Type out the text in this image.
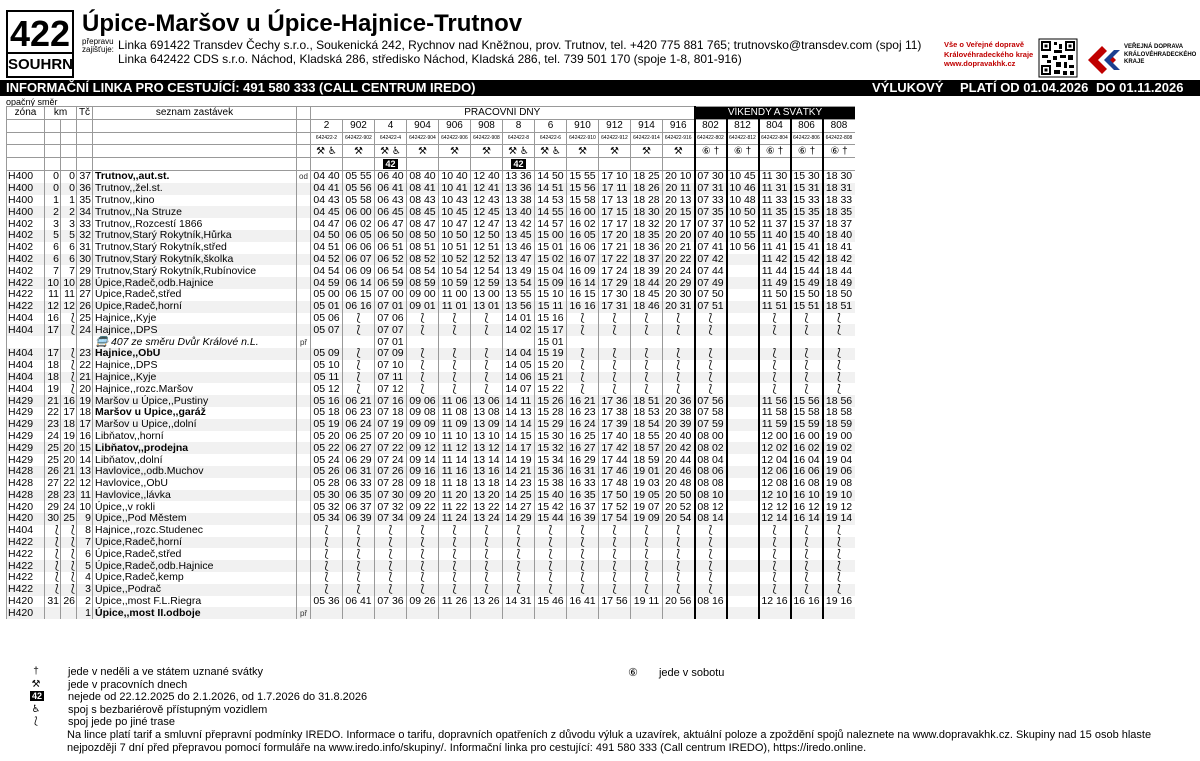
422
SOUHRN
Úpice-Maršov u Úpice-Hajnice-Trutnov
přepravu zajišťuje: Linka 691422 Transdev Čechy s.r.o., Soukenická 242, Rychnov nad Kněžnou, prov. Trutnov, tel. +420 775 881 765; trutnovsko@transdev.com (spoj 11)
Linka 642422 CDS s.r.o. Náchod, Kladská 286, středisko Náchod, Kladská 286, tel. 739 501 170 (spoje 1-8, 801-916)
Vše o Veřejné dopravě
Královéhradeckého kraje
www.dopravakhk.cz
VEŘEJNÁ DOPRAVA
KRÁLOVÉHRADECKÉHO
KRAJE
INFORMAČNÍ LINKA PRO CESTUJÍCÍ: 491 580 333 (CALL CENTRUM IREDO)	VÝLUKOVÝ PLATÍ OD 01.04.2026 DO 01.11.2026
opačný směr
zóna	km		Tč	seznam zastávek		PRACOVNÍ DNY												VÍKENDY A SVÁTKY				
						2	902	4	904	906	908	8	6	910	912	914	916	802	812	804	806	808
						642422-2	642422-902	642422-4	642422-904	642422-906	642422-908	642422-8	642422-6	642422-910	642422-912	642422-914	642422-916	642422-802	642422-812	642422-804	642422-806	642422-808
						⚒ ♿	⚒	⚒ ♿	⚒	⚒	⚒	⚒ ♿	⚒ ♿	⚒	⚒	⚒	⚒	⑥ †	⑥ †	⑥ †	⑥ †	⑥ †
								42				42										
H400	0	0	37	Trutnov,,aut.st.	od	04 40	05 55	06 40	08 40	10 40	12 40	13 36	14 50	15 55	17 10	18 25	20 10	07 30	10 45	11 30	15 30	18 30
H400	0	0	36	Trutnov,,žel.st.		04 41	05 56	06 41	08 41	10 41	12 41	13 36	14 51	15 56	17 11	18 26	20 11	07 31	10 46	11 31	15 31	18 31
H400	1	1	35	Trutnov,,kino		04 43	05 58	06 43	08 43	10 43	12 43	13 38	14 53	15 58	17 13	18 28	20 13	07 33	10 48	11 33	15 33	18 33
H400	2	2	34	Trutnov,,Na Struze		04 45	06 00	06 45	08 45	10 45	12 45	13 40	14 55	16 00	17 15	18 30	20 15	07 35	10 50	11 35	15 35	18 35
H402	3	3	33	Trutnov,,Rozcestí 1866		04 47	06 02	06 47	08 47	10 47	12 47	13 42	14 57	16 02	17 17	18 32	20 17	07 37	10 52	11 37	15 37	18 37
H402	5	5	32	Trutnov,Starý Rokytník,Hůrka		04 50	06 05	06 50	08 50	10 50	12 50	13 45	15 00	16 05	17 20	18 35	20 20	07 40	10 55	11 40	15 40	18 40
H402	6	6	31	Trutnov,Starý Rokytník,střed		04 51	06 06	06 51	08 51	10 51	12 51	13 46	15 01	16 06	17 21	18 36	20 21	07 41	10 56	11 41	15 41	18 41
H402	6	6	30	Trutnov,Starý Rokytník,školka		04 52	06 07	06 52	08 52	10 52	12 52	13 47	15 02	16 07	17 22	18 37	20 22	07 42		11 42	15 42	18 42
H402	7	7	29	Trutnov,Starý Rokytník,Rubínovice		04 54	06 09	06 54	08 54	10 54	12 54	13 49	15 04	16 09	17 24	18 39	20 24	07 44		11 44	15 44	18 44
H422	10	10	28	Úpice,Radeč,odb.Hajnice		04 59	06 14	06 59	08 59	10 59	12 59	13 54	15 09	16 14	17 29	18 44	20 29	07 49		11 49	15 49	18 49
H422	11	11	27	Úpice,Radeč,střed		05 00	06 15	07 00	09 00	11 00	13 00	13 55	15 10	16 15	17 30	18 45	20 30	07 50		11 50	15 50	18 50
H422	12	12	26	Úpice,Radeč,horní		05 01	06 16	07 01	09 01	11 01	13 01	13 56	15 11	16 16	17 31	18 46	20 31	07 51		11 51	15 51	18 51
H404	16	⟅	25	Hajnice,,Kyje		05 06	⟅	07 06	⟅	⟅	⟅	14 01	15 16	⟅	⟅	⟅	⟅	⟅		⟅	⟅	⟅
H404	17	⟅	24	Hajnice,,DPS		05 07	⟅	07 07	⟅	⟅	⟅	14 02	15 17	⟅	⟅	⟅	⟅	⟅		⟅	⟅	⟅
				🚍 407 ze směru Dvůr Králové n.L.	př			07 01					15 01									
H404	17	⟅	23	Hajnice,,ObÚ		05 09	⟅	07 09	⟅	⟅	⟅	14 04	15 19	⟅	⟅	⟅	⟅	⟅		⟅	⟅	⟅
H404	18	⟅	22	Hajnice,,DPS		05 10	⟅	07 10	⟅	⟅	⟅	14 05	15 20	⟅	⟅	⟅	⟅	⟅		⟅	⟅	⟅
H404	18	⟅	21	Hajnice,,Kyje		05 11	⟅	07 11	⟅	⟅	⟅	14 06	15 21	⟅	⟅	⟅	⟅	⟅		⟅	⟅	⟅
H404	19	⟅	20	Hajnice,,rozc.Maršov		05 12	⟅	07 12	⟅	⟅	⟅	14 07	15 22	⟅	⟅	⟅	⟅	⟅		⟅	⟅	⟅
H429	21	16	19	Maršov u Úpice,,Pustiny		05 16	06 21	07 16	09 06	11 06	13 06	14 11	15 26	16 21	17 36	18 51	20 36	07 56		11 56	15 56	18 56
H429	22	17	18	Maršov u Úpice,,garáž		05 18	06 23	07 18	09 08	11 08	13 08	14 13	15 28	16 23	17 38	18 53	20 38	07 58		11 58	15 58	18 58
H429	23	18	17	Maršov u Úpice,,dolní		05 19	06 24	07 19	09 09	11 09	13 09	14 14	15 29	16 24	17 39	18 54	20 39	07 59		11 59	15 59	18 59
H429	24	19	16	Libňatov,,horní		05 20	06 25	07 20	09 10	11 10	13 10	14 15	15 30	16 25	17 40	18 55	20 40	08 00		12 00	16 00	19 00
H429	25	20	15	Libňatov,,prodejna		05 22	06 27	07 22	09 12	11 12	13 12	14 17	15 32	16 27	17 42	18 57	20 42	08 02		12 02	16 02	19 02
H429	25	20	14	Libňatov,,dolní		05 24	06 29	07 24	09 14	11 14	13 14	14 19	15 34	16 29	17 44	18 59	20 44	08 04		12 04	16 04	19 04
H428	26	21	13	Havlovice,,odb.Muchov		05 26	06 31	07 26	09 16	11 16	13 16	14 21	15 36	16 31	17 46	19 01	20 46	08 06		12 06	16 06	19 06
H428	27	22	12	Havlovice,,ObÚ		05 28	06 33	07 28	09 18	11 18	13 18	14 23	15 38	16 33	17 48	19 03	20 48	08 08		12 08	16 08	19 08
H428	28	23	11	Havlovice,,lávka		05 30	06 35	07 30	09 20	11 20	13 20	14 25	15 40	16 35	17 50	19 05	20 50	08 10		12 10	16 10	19 10
H420	29	24	10	Úpice,,v rokli		05 32	06 37	07 32	09 22	11 22	13 22	14 27	15 42	16 37	17 52	19 07	20 52	08 12		12 12	16 12	19 12
H420	30	25	9	Úpice,,Pod Městem		05 34	06 39	07 34	09 24	11 24	13 24	14 29	15 44	16 39	17 54	19 09	20 54	08 14		12 14	16 14	19 14
H404	⟅	⟅	8	Hajnice,,rozc.Studenec		⟅	⟅	⟅	⟅	⟅	⟅	⟅	⟅	⟅	⟅	⟅	⟅	⟅		⟅	⟅	⟅
H422	⟅	⟅	7	Úpice,Radeč,horní		⟅	⟅	⟅	⟅	⟅	⟅	⟅	⟅	⟅	⟅	⟅	⟅	⟅		⟅	⟅	⟅
H422	⟅	⟅	6	Úpice,Radeč,střed		⟅	⟅	⟅	⟅	⟅	⟅	⟅	⟅	⟅	⟅	⟅	⟅	⟅		⟅	⟅	⟅
H422	⟅	⟅	5	Úpice,Radeč,odb.Hajnice		⟅	⟅	⟅	⟅	⟅	⟅	⟅	⟅	⟅	⟅	⟅	⟅	⟅		⟅	⟅	⟅
H422	⟅	⟅	4	Úpice,Radeč,kemp		⟅	⟅	⟅	⟅	⟅	⟅	⟅	⟅	⟅	⟅	⟅	⟅	⟅		⟅	⟅	⟅
H422	⟅	⟅	3	Úpice,,Podrač		⟅	⟅	⟅	⟅	⟅	⟅	⟅	⟅	⟅	⟅	⟅	⟅	⟅		⟅	⟅	⟅
H420	31	26	2	Úpice,,most F.L.Riegra		05 36	06 41	07 36	09 26	11 26	13 26	14 31	15 46	16 41	17 56	19 11	20 56	08 16		12 16	16 16	19 16
H420			1	Úpice,,most II.odboje	př																	
†	jede v neděli a ve státem uznané svátky
⚒	jede v pracovních dnech
42 nejede od 22.12.2025 do 2.1.2026, od 1.7.2026 do 31.8.2026
♿	spoj s bezbariérově přístupným vozidlem
⟅	spoj jede po jiné trase
⑥ jede v sobotu
Na lince platí tarif a smluvní přepravní podmínky IREDO. Informace o tarifu, dopravních opatřeních z důvodu výluk a uzavírek, aktuální poloze a zpoždění spojů naleznete na www.dopravakhk.cz. Skupiny nad 15 osob hlaste nejpozději 7 dní před přepravou pomocí formuláře na www.iredo.info/skupiny/. Informační linka pro cestující: 491 580 333 (Call centrum IREDO), https://iredo.online.
